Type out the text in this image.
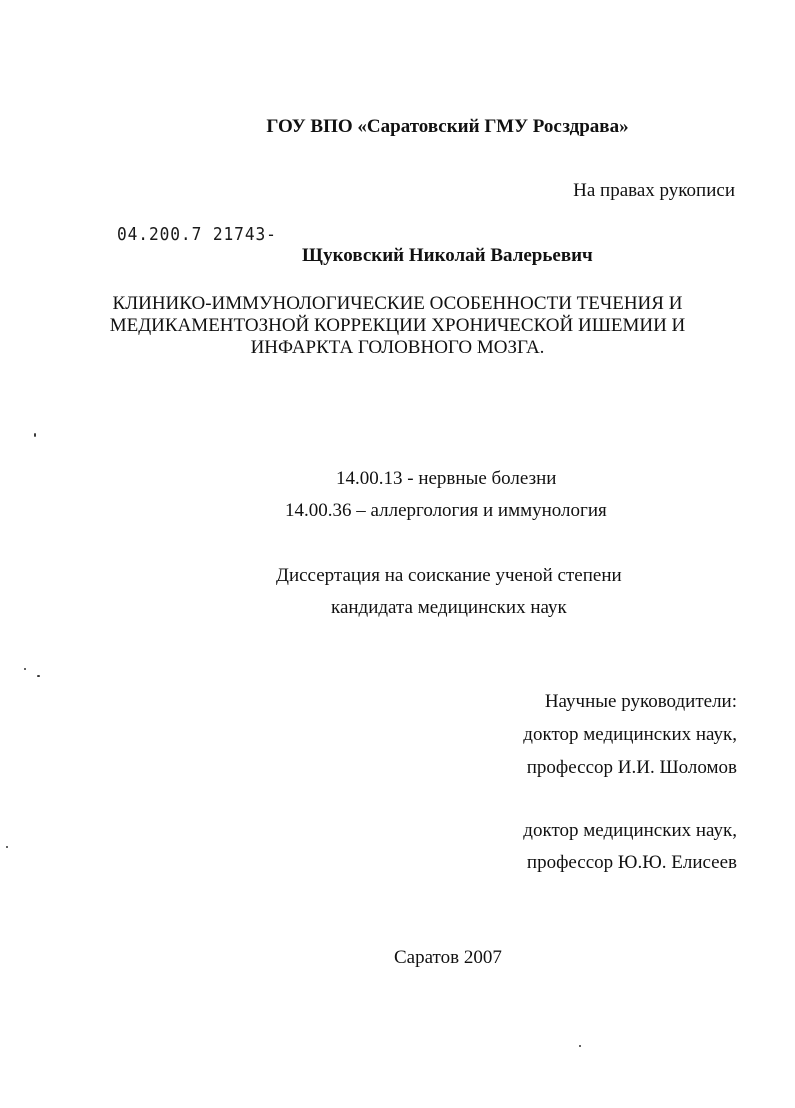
ГОУ ВПО «Саратовский ГМУ Росздрава»
На правах рукописи
04.200.7 21743-
Щуковский Николай Валерьевич
КЛИНИКО-ИММУНОЛОГИЧЕСКИЕ ОСОБЕННОСТИ ТЕЧЕНИЯ И
МЕДИКАМЕНТОЗНОЙ КОРРЕКЦИИ ХРОНИЧЕСКОЙ ИШЕМИИ И
ИНФАРКТА ГОЛОВНОГО МОЗГА.
14.00.13 - нервные болезни
14.00.36 – аллергология и иммунология
Диссертация на соискание ученой степени
кандидата медицинских наук
Научные руководители:
доктор медицинских наук,
профессор И.И. Шоломов
доктор медицинских наук,
профессор Ю.Ю. Елисеев
Саратов 2007
